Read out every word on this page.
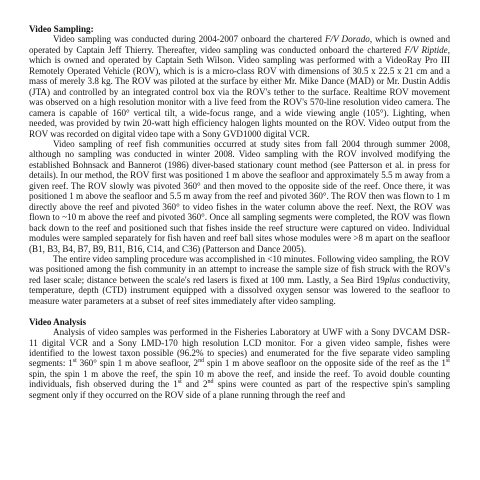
Video Sampling:

Video sampling was conducted during 2004-2007 onboard the chartered F/V Dorado, which is owned and operated by Captain Jeff Thierry. Thereafter, video sampling was conducted onboard the chartered F/V Riptide, which is owned and operated by Captain Seth Wilson. Video sampling was performed with a VideoRay Pro III Remotely Operated Vehicle (ROV), which is is a micro-class ROV with dimensions of 30.5 x 22.5 x 21 cm and a mass of merely 3.8 kg. The ROV was piloted at the surface by either Mr. Mike Dance (MAD) or Mr. Dustin Addis (JTA) and controlled by an integrated control box via the ROV's tether to the surface. Realtime ROV movement was observed on a high resolution monitor with a live feed from the ROV's 570-line resolution video camera. The camera is capable of 160° vertical tilt, a wide-focus range, and a wide viewing angle (105°). Lighting, when needed, was provided by twin 20-watt high efficiency halogen lights mounted on the ROV. Video output from the ROV was recorded on digital video tape with a Sony GVD1000 digital VCR.

Video sampling of reef fish communities occurred at study sites from fall 2004 through summer 2008, although no sampling was conducted in winter 2008. Video sampling with the ROV involved modifying the established Bohnsack and Bannerot (1986) diver-based stationary count method (see Patterson et al. in press for details). In our method, the ROV first was positioned 1 m above the seafloor and approximately 5.5 m away from a given reef. The ROV slowly was pivoted 360° and then moved to the opposite side of the reef. Once there, it was positioned 1 m above the seafloor and 5.5 m away from the reef and pivoted 360°. The ROV then was flown to 1 m directly above the reef and pivoted 360° to video fishes in the water column above the reef. Next, the ROV was flown to ~10 m above the reef and pivoted 360°. Once all sampling segments were completed, the ROV was flown back down to the reef and positioned such that fishes inside the reef structure were captured on video. Individual modules were sampled separately for fish haven and reef ball sites whose modules were >8 m apart on the seafloor (B1, B3, B4, B7, B9, B11, B16, C14, and C36) (Patterson and Dance 2005).

The entire video sampling procedure was accomplished in <10 minutes. Following video sampling, the ROV was positioned among the fish community in an attempt to increase the sample size of fish struck with the ROV's red laser scale; distance between the scale's red lasers is fixed at 100 mm. Lastly, a Sea Bird 19plus conductivity, temperature, depth (CTD) instrument equipped with a dissolved oxygen sensor was lowered to the seafloor to measure water parameters at a subset of reef sites immediately after video sampling.

Video Analysis

Analysis of video samples was performed in the Fisheries Laboratory at UWF with a Sony DVCAM DSR-11 digital VCR and a Sony LMD-170 high resolution LCD monitor. For a given video sample, fishes were identified to the lowest taxon possible (96.2% to species) and enumerated for the five separate video sampling segments: 1st 360° spin 1 m above seafloor, 2nd spin 1 m above seafloor on the opposite side of the reef as the 1st spin, the spin 1 m above the reef, the spin 10 m above the reef, and inside the reef. To avoid double counting individuals, fish observed during the 1st and 2nd spins were counted as part of the respective spin's sampling segment only if they occurred on the ROV side of a plane running through the reef and
